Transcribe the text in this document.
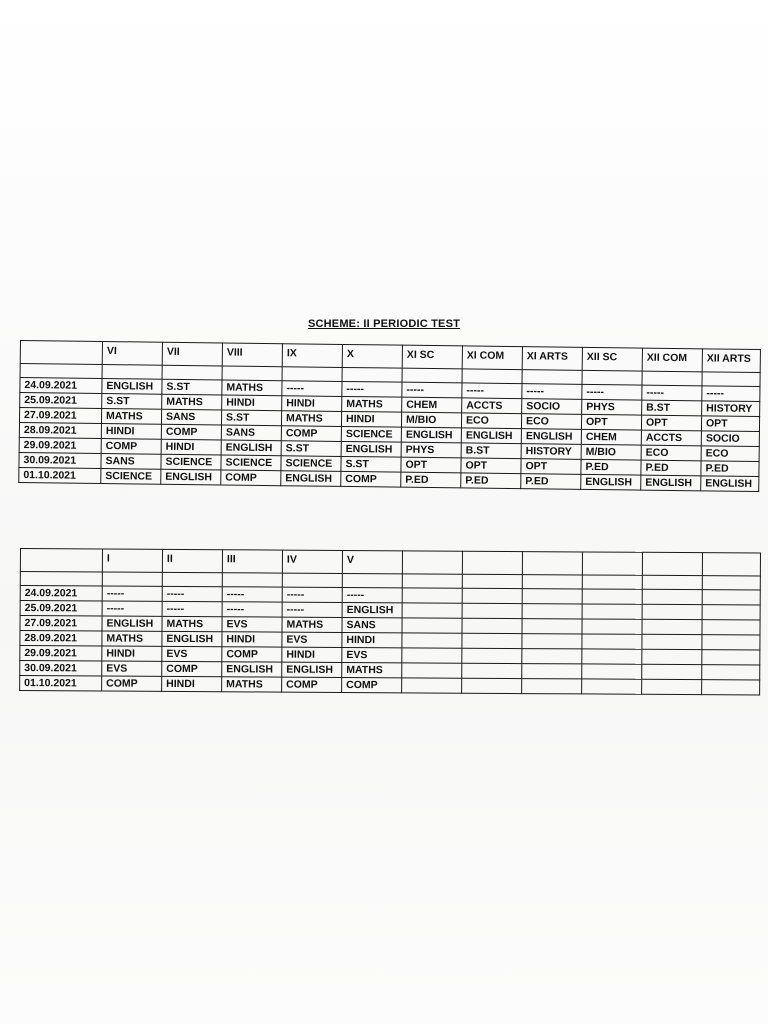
SCHEME: II PERIODIC TEST
	VI	VII	VIII	IX	X	XI SC	XI COM	XI ARTS	XII SC	XII COM	XII ARTS

24.09.2021	ENGLISH	S.ST	MATHS	-----	-----	-----	-----	-----	-----	-----	-----
25.09.2021	S.ST	MATHS	HINDI	HINDI	MATHS	CHEM	ACCTS	SOCIO	PHYS	B.ST	HISTORY
27.09.2021	MATHS	SANS	S.ST	MATHS	HINDI	M/BIO	ECO	ECO	OPT	OPT	OPT
28.09.2021	HINDI	COMP	SANS	COMP	SCIENCE	ENGLISH	ENGLISH	ENGLISH	CHEM	ACCTS	SOCIO
29.09.2021	COMP	HINDI	ENGLISH	S.ST	ENGLISH	PHYS	B.ST	HISTORY	M/BIO	ECO	ECO
30.09.2021	SANS	SCIENCE	SCIENCE	SCIENCE	S.ST	OPT	OPT	OPT	P.ED	P.ED	P.ED
01.10.2021	SCIENCE	ENGLISH	COMP	ENGLISH	COMP	P.ED	P.ED	P.ED	ENGLISH	ENGLISH	ENGLISH
	I	II	III	IV	V						

24.09.2021	-----	-----	-----	-----	-----						
25.09.2021	-----	-----	-----	-----	ENGLISH						
27.09.2021	ENGLISH	MATHS	EVS	MATHS	SANS						
28.09.2021	MATHS	ENGLISH	HINDI	EVS	HINDI						
29.09.2021	HINDI	EVS	COMP	HINDI	EVS						
30.09.2021	EVS	COMP	ENGLISH	ENGLISH	MATHS						
01.10.2021	COMP	HINDI	MATHS	COMP	COMP						
